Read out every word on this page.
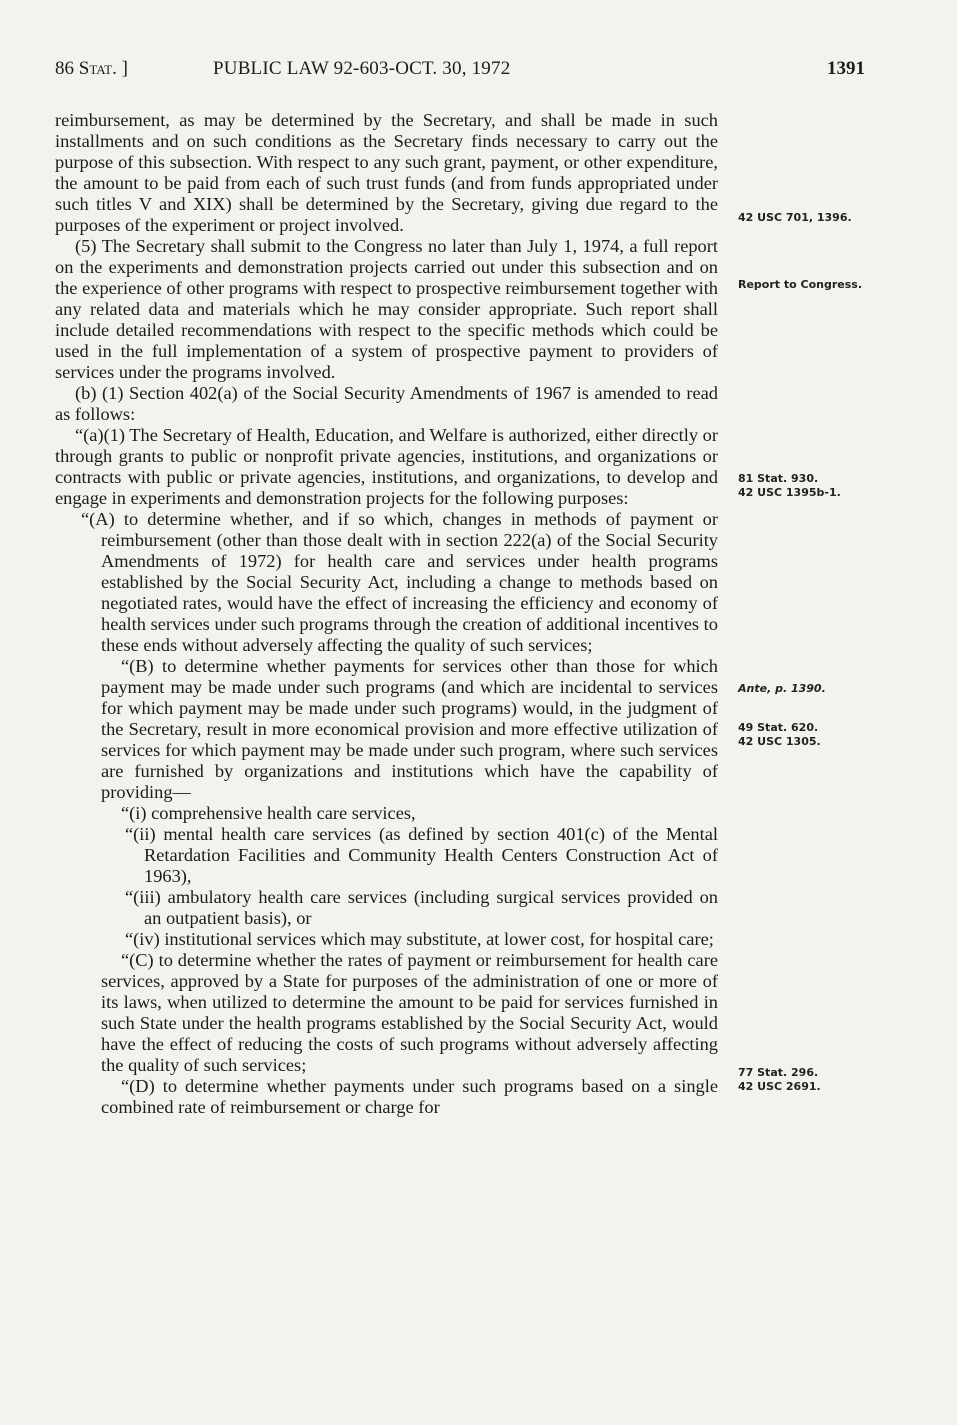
86 Stat. ]	PUBLIC LAW 92-603-OCT. 30, 1972	1391

reimbursement, as may be determined by the Secretary, and shall be made in such installments and on such conditions as the Secretary finds necessary to carry out the purpose of this subsection. With respect to any such grant, payment, or other expenditure, the amount to be paid from each of such trust funds (and from funds appropriated under such titles V and XIX) shall be determined by the Secretary, giving due regard to the purposes of the experiment or project involved.

(5) The Secretary shall submit to the Congress no later than July 1, 1974, a full report on the experiments and demonstration projects carried out under this subsection and on the experience of other programs with respect to prospective reimbursement together with any related data and materials which he may consider appropriate. Such report shall include detailed recommendations with respect to the specific methods which could be used in the full implementation of a system of prospective payment to providers of services under the programs involved.

(b) (1) Section 402(a) of the Social Security Amendments of 1967 is amended to read as follows:

“(a)(1) The Secretary of Health, Education, and Welfare is authorized, either directly or through grants to public or nonprofit private agencies, institutions, and organizations or contracts with public or private agencies, institutions, and organizations, to develop and engage in experiments and demonstration projects for the following purposes:

“(A) to determine whether, and if so which, changes in methods of payment or reimbursement (other than those dealt with in section 222(a) of the Social Security Amendments of 1972) for health care and services under health programs established by the Social Security Act, including a change to methods based on negotiated rates, would have the effect of increasing the efficiency and economy of health services under such programs through the creation of additional incentives to these ends without adversely affecting the quality of such services;

“(B) to determine whether payments for services other than those for which payment may be made under such programs (and which are incidental to services for which payment may be made under such programs) would, in the judgment of the Secretary, result in more economical provision and more effective utilization of services for which payment may be made under such program, where such services are furnished by organizations and institutions which have the capability of providing—

“(i) comprehensive health care services,

“(ii) mental health care services (as defined by section 401(c) of the Mental Retardation Facilities and Community Health Centers Construction Act of 1963),

“(iii) ambulatory health care services (including surgical services provided on an outpatient basis), or

“(iv) institutional services which may substitute, at lower cost, for hospital care;

“(C) to determine whether the rates of payment or reimbursement for health care services, approved by a State for purposes of the administration of one or more of its laws, when utilized to determine the amount to be paid for services furnished in such State under the health programs established by the Social Security Act, would have the effect of reducing the costs of such programs without adversely affecting the quality of such services;

“(D) to determine whether payments under such programs based on a single combined rate of reimbursement or charge for

42 USC 701, 1396.
Report to Congress.
81 Stat. 930.
42 USC 1395b-1.
Ante, p. 1390.
49 Stat. 620.
42 USC 1305.
77 Stat. 296.
42 USC 2691.
